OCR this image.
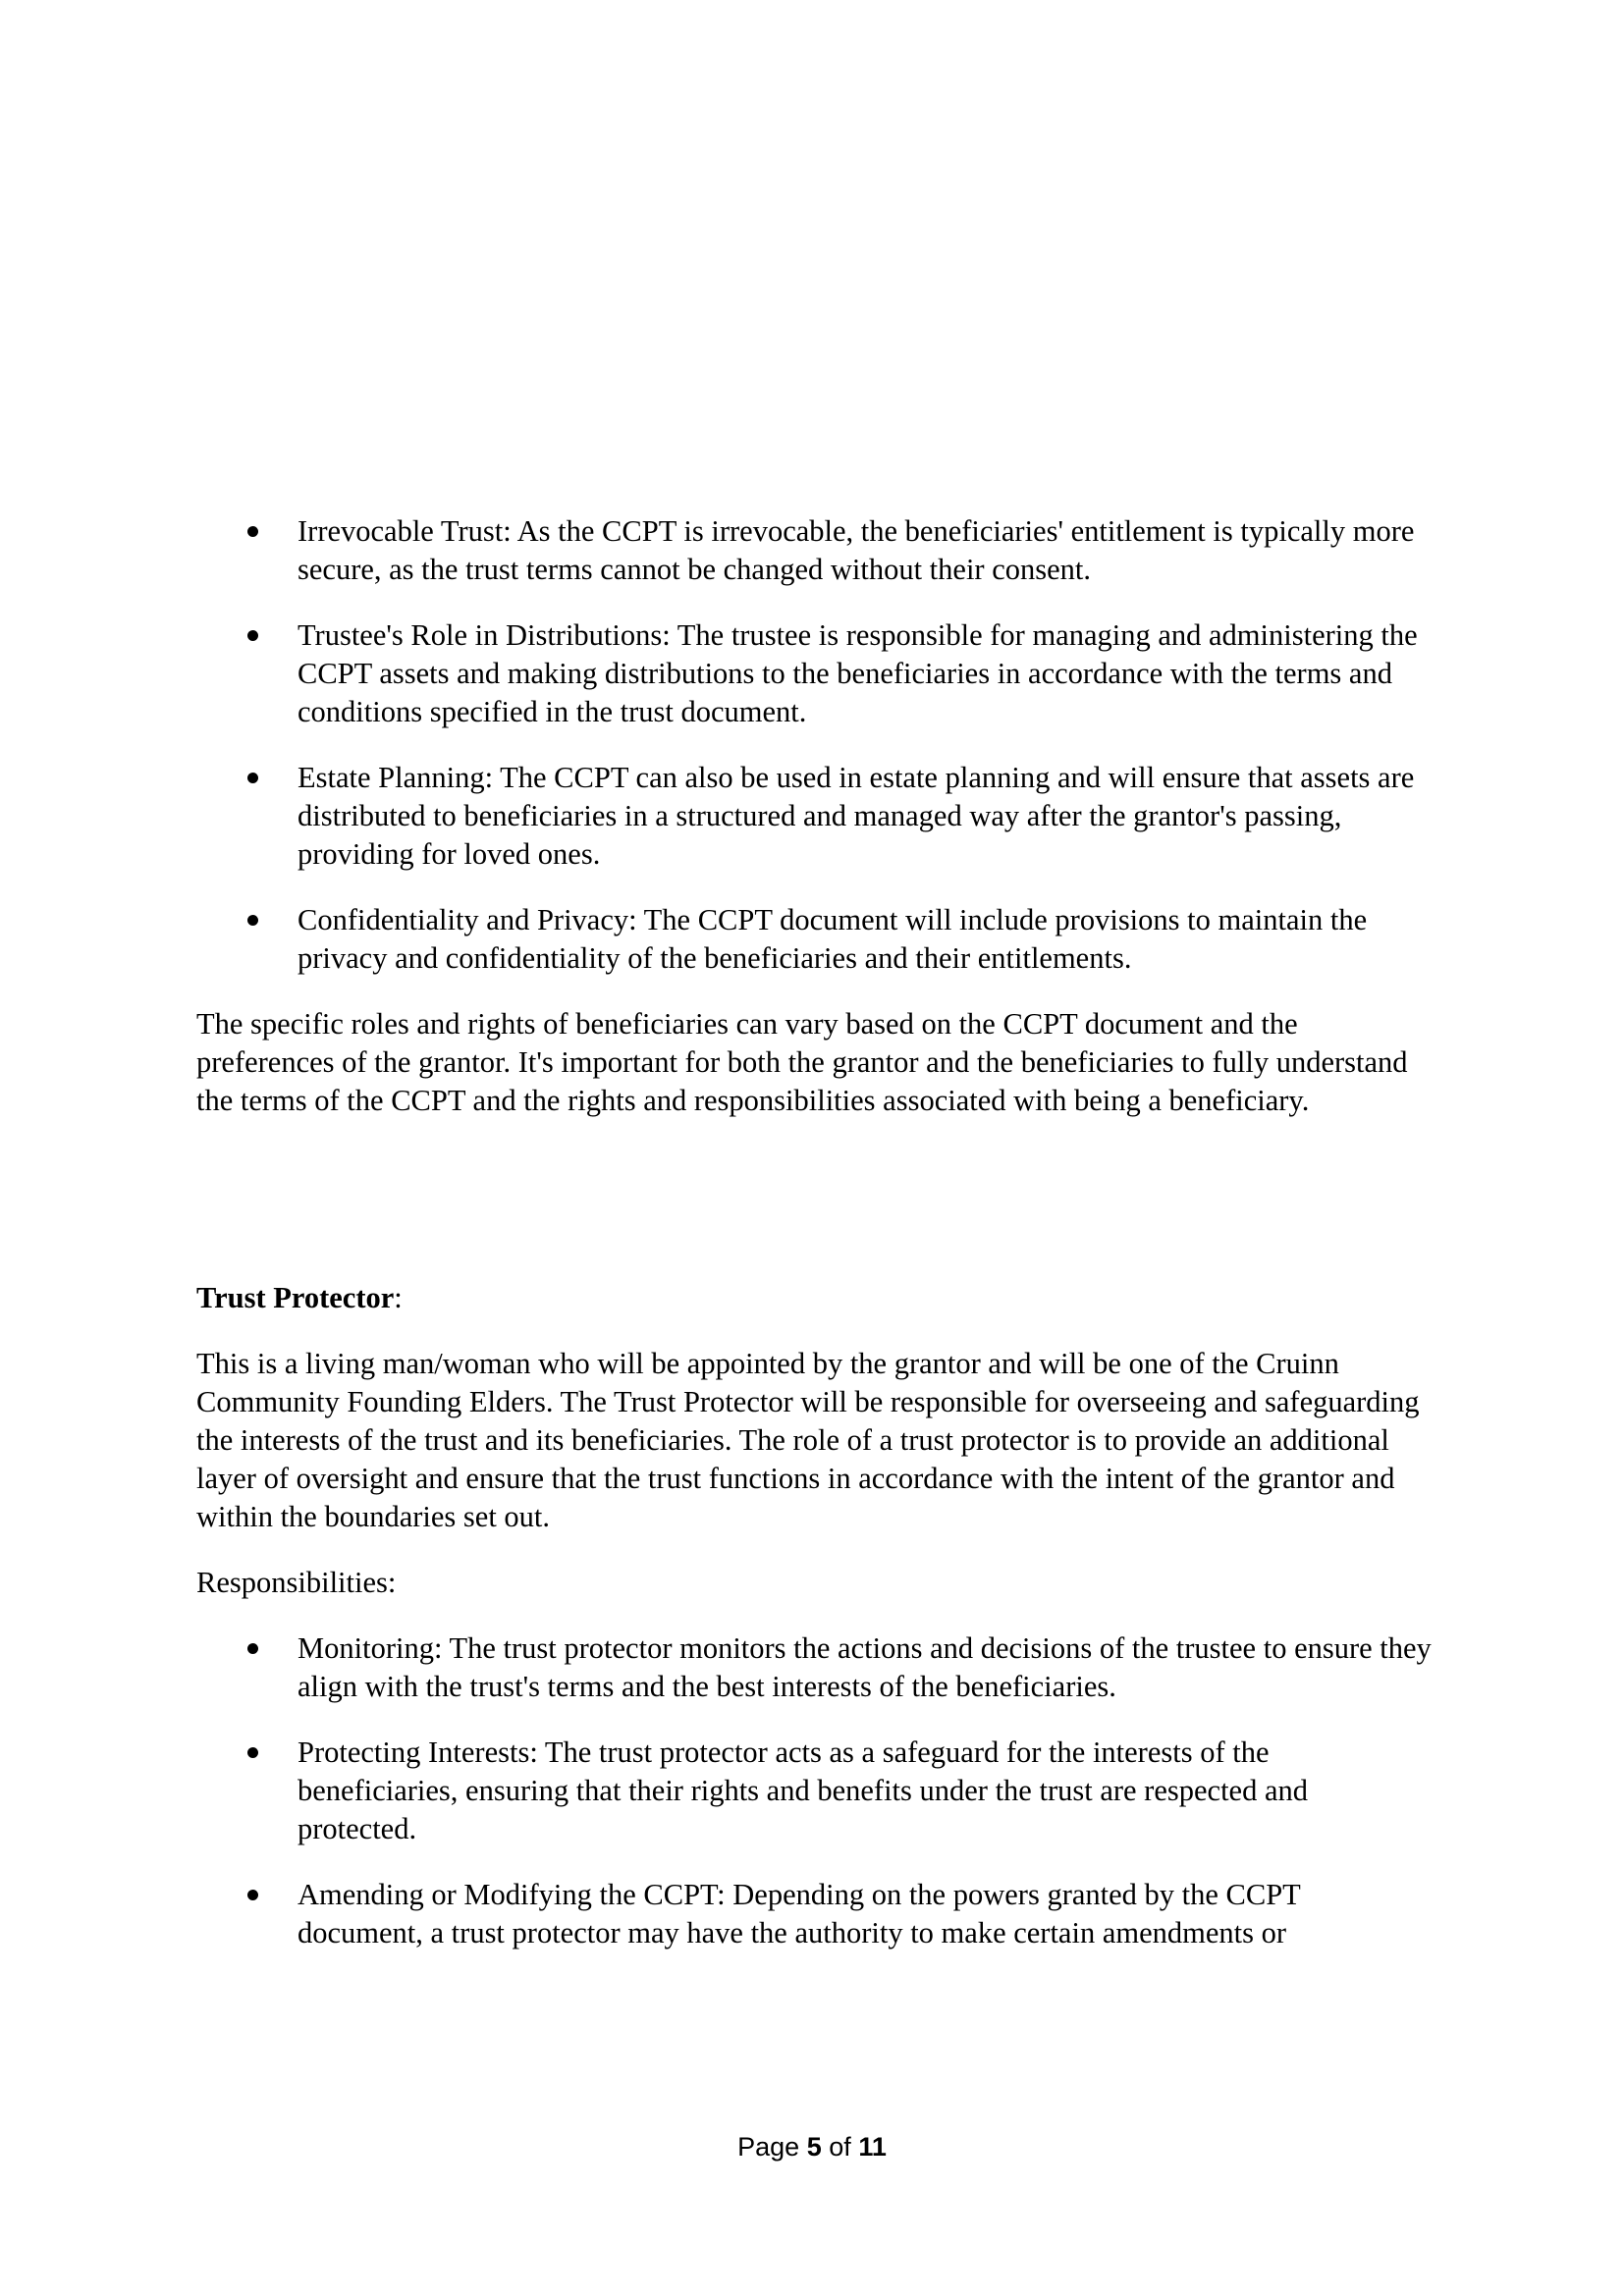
Irrevocable Trust: As the CCPT is irrevocable, the beneficiaries' entitlement is typically more secure, as the trust terms cannot be changed without their consent.
Trustee's Role in Distributions: The trustee is responsible for managing and administering the CCPT assets and making distributions to the beneficiaries in accordance with the terms and conditions specified in the trust document.
Estate Planning: The CCPT can also be used in estate planning and will ensure that assets are distributed to beneficiaries in a structured and managed way after the grantor's passing, providing for loved ones.
Confidentiality and Privacy: The CCPT document will include provisions to maintain the privacy and confidentiality of the beneficiaries and their entitlements.

The specific roles and rights of beneficiaries can vary based on the CCPT document and the preferences of the grantor. It's important for both the grantor and the beneficiaries to fully understand the terms of the CCPT and the rights and responsibilities associated with being a beneficiary.

Trust Protector:

This is a living man/woman who will be appointed by the grantor and will be one of the Cruinn Community Founding Elders. The Trust Protector will be responsible for overseeing and safeguarding the interests of the trust and its beneficiaries. The role of a trust protector is to provide an additional layer of oversight and ensure that the trust functions in accordance with the intent of the grantor and within the boundaries set out.

Responsibilities:

Monitoring: The trust protector monitors the actions and decisions of the trustee to ensure they align with the trust's terms and the best interests of the beneficiaries.
Protecting Interests: The trust protector acts as a safeguard for the interests of the beneficiaries, ensuring that their rights and benefits under the trust are respected and protected.
Amending or Modifying the CCPT: Depending on the powers granted by the CCPT document, a trust protector may have the authority to make certain amendments or
Page 5 of 11
